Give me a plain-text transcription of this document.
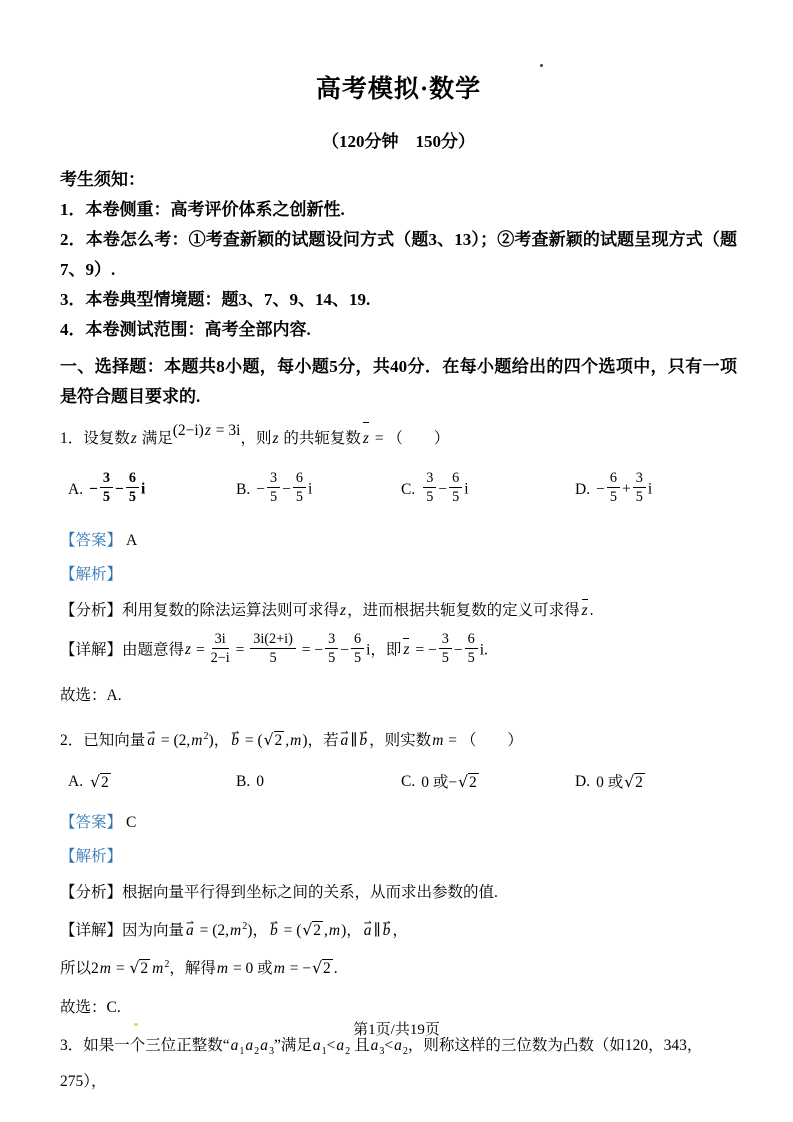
高考模拟·数学
（120分钟　150分）

考生须知：

1．本卷侧重：高考评价体系之创新性.

2．本卷怎么考：①考查新颖的试题设问方式（题3、13）；②考查新颖的试题呈现方式（题7、9）.

3．本卷典型情境题：题3、7、9、14、19.

4．本卷测试范围：高考全部内容.

一、选择题：本题共8小题，每小题5分，共40分．在每小题给出的四个选项中，只有一项是符合题目要求的.

1．设复数z 满足(2−i)z = 3i，则z 的共轭复数 z = （　　）

A. − $\frac{3}{5} - \frac{6}{5}$ i	B. − $\frac{3}{5} - \frac{6}{5}$ i	C. $\frac{3}{5} - \frac{6}{5}$ i	D. − $\frac{6}{5} + \frac{3}{5}$ i

【答案】 A

【解析】

【分析】利用复数的除法运算法则可求得z，进而根据共轭复数的定义可求得 z .

【详解】由题意得$z = \frac{3i}{2-i} = \frac{3i(2+i)}{5}$ = − $\frac{3}{5} - \frac{6}{5}$ i，即 z = − $\frac{3}{5} - \frac{6}{5} i$.

故选：A.

2．已知向量 a ⇀ = $(2,m^2)$， b ⇀ = (√2 ,m)，若 a ⇀ ∥ b ⇀ ，则实数m = （　　）

A. √2	B. 0	C. 0 或−√2	D. 0 或√2

【答案】 C

【解析】

【分析】根据向量平行得到坐标之间的关系，从而求出参数的值.

【详解】因为向量 a ⇀ = $(2,m^2)$， b ⇀ = (√2 ,m)， a ⇀ ∥ b ⇀ ，

所以2m = √2 $m^2$，解得m = 0 或m = −√2 .

故选：C.

3．如果一个三位正整数“$a_1a_2a_3$”满足$a_1<a_2$ 且$a_3<a_2$，则称这样的三位数为凸数（如120，343，275），

第1页/共19页
